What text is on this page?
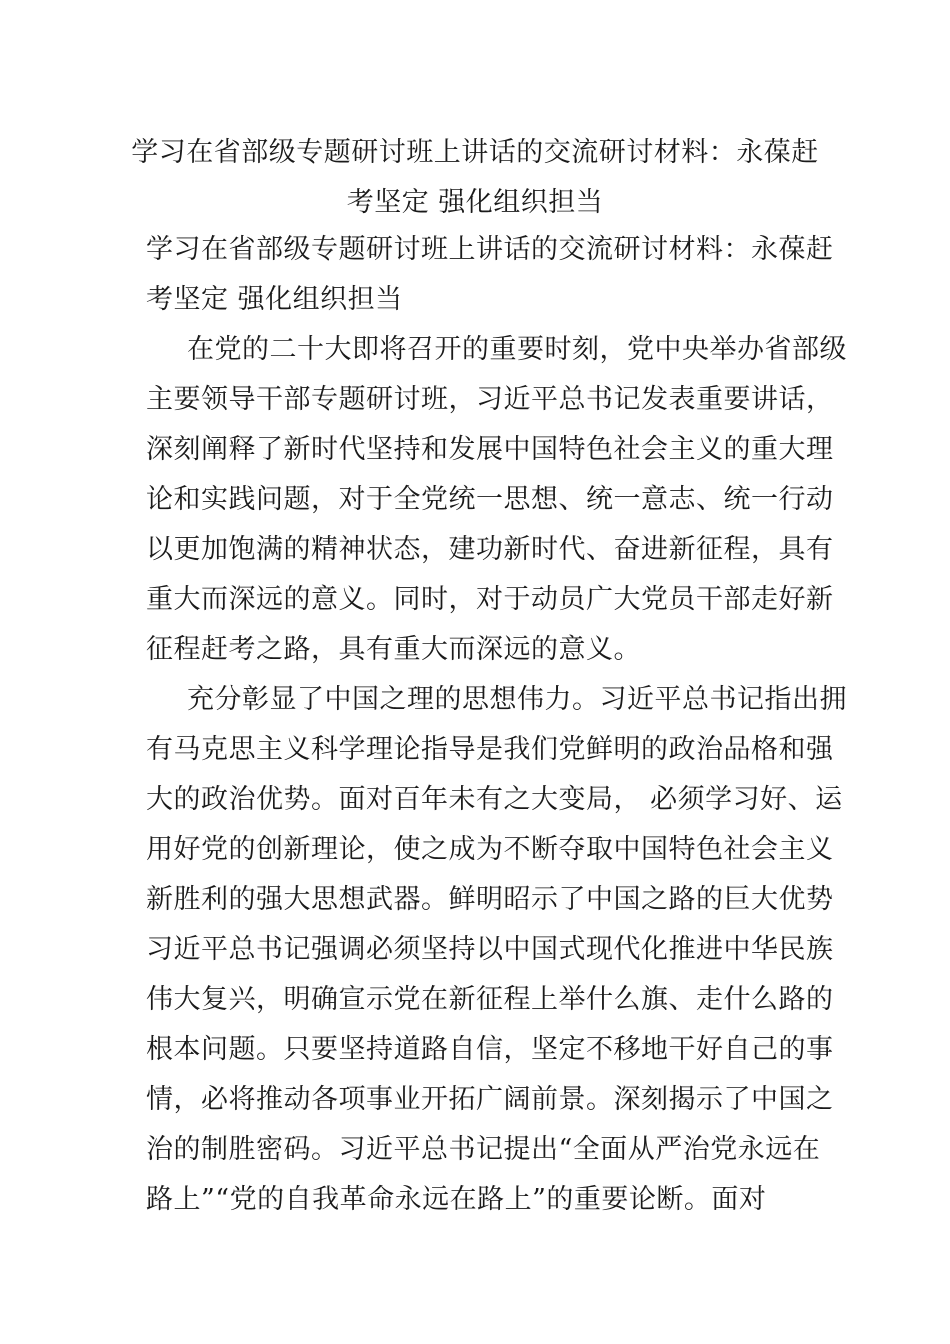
学习在省部级专题研讨班上讲话的交流研讨材料：永葆赶
考坚定 强化组织担当

学习在省部级专题研讨班上讲话的交流研讨材料：永葆赶
考坚定 强化组织担当

在党的二十大即将召开的重要时刻，党中央举办省部级
主要领导干部专题研讨班，习近平总书记发表重要讲话，
深刻阐释了新时代坚持和发展中国特色社会主义的重大理
论和实践问题，对于全党统一思想、统一意志、统一行动
以更加饱满的精神状态，建功新时代、奋进新征程，具有
重大而深远的意义。同时，对于动员广大党员干部走好新
征程赶考之路，具有重大而深远的意义。

充分彰显了中国之理的思想伟力。习近平总书记指出拥
有马克思主义科学理论指导是我们党鲜明的政治品格和强
大的政治优势。面对百年未有之大变局， 必须学习好、运
用好党的创新理论，使之成为不断夺取中国特色社会主义
新胜利的强大思想武器。鲜明昭示了中国之路的巨大优势
习近平总书记强调必须坚持以中国式现代化推进中华民族
伟大复兴，明确宣示党在新征程上举什么旗、走什么路的
根本问题。只要坚持道路自信，坚定不移地干好自己的事
情，必将推动各项事业开拓广阔前景。深刻揭示了中国之
治的制胜密码。习近平总书记提出“全面从严治党永远在
路上”“党的自我革命永远在路上”的重要论断。面对
